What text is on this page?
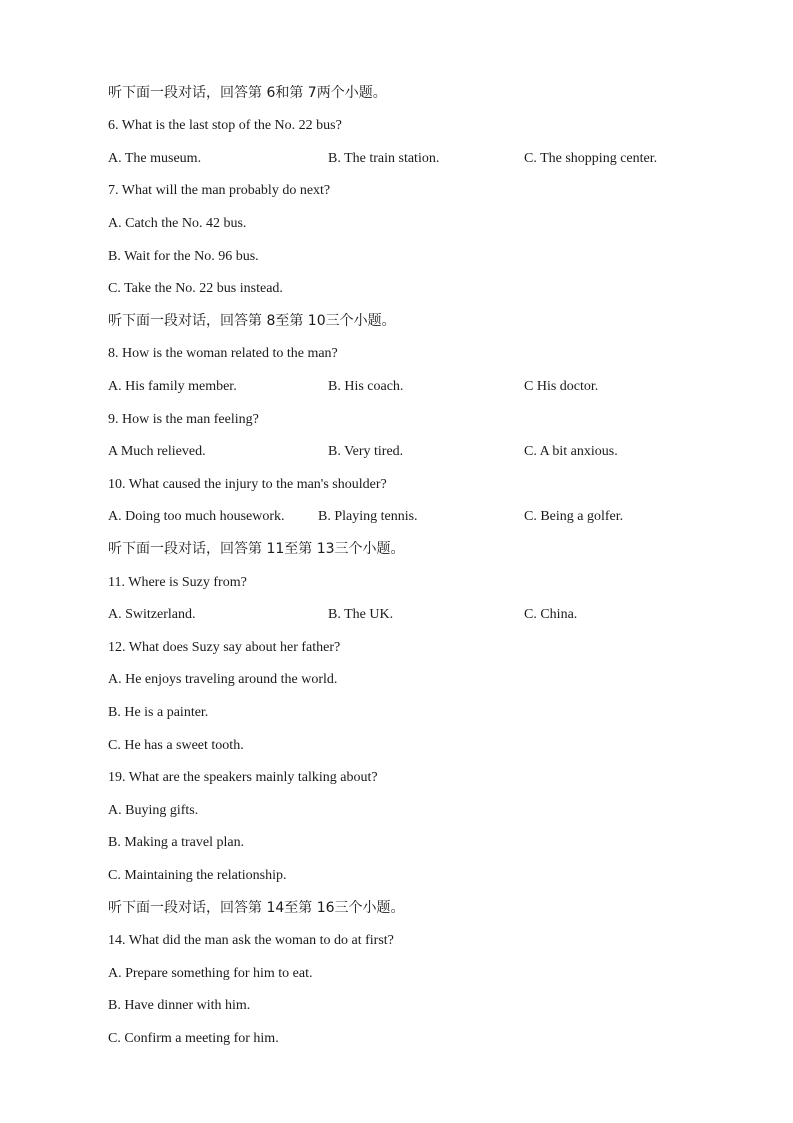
听下面一段对话，回答第 6和第 7两个小题。
6. What is the last stop of the No. 22 bus?
A. The museum.	B. The train station.	C. The shopping center.
7. What will the man probably do next?
A. Catch the No. 42 bus.
B. Wait for the No. 96 bus.
C. Take the No. 22 bus instead.
听下面一段对话，回答第 8至第 10三个小题。
8. How is the woman related to the man?
A. His family member.	B. His coach.	C His doctor.
9. How is the man feeling?
A Much relieved.	B. Very tired.	C. A bit anxious.
10. What caused the injury to the man's shoulder?
A. Doing too much housework. B. Playing tennis.	C. Being a golfer.
听下面一段对话，回答第 11至第 13三个小题。
11. Where is Suzy from?
A. Switzerland.	B. The UK.	C. China.
12. What does Suzy say about her father?
A. He enjoys traveling around the world.
B. He is a painter.
C. He has a sweet tooth.
19. What are the speakers mainly talking about?
A. Buying gifts.
B. Making a travel plan.
C. Maintaining the relationship.
听下面一段对话，回答第 14至第 16三个小题。
14. What did the man ask the woman to do at first?
A. Prepare something for him to eat.
B. Have dinner with him.
C. Confirm a meeting for him.
